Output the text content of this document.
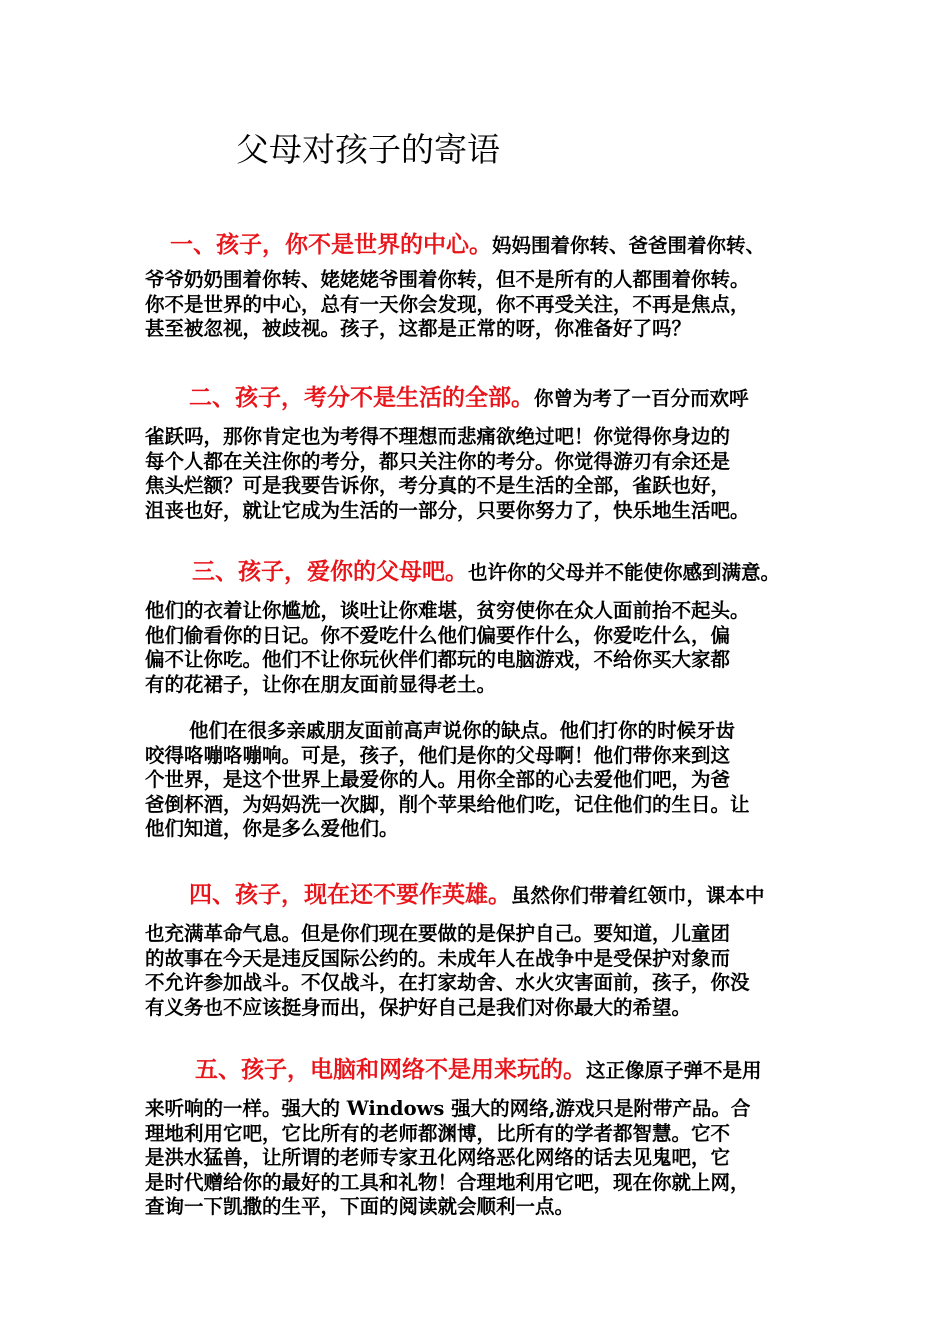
父母对孩子的寄语
一、孩子，你不是世界的中心。妈妈围着你转、爸爸围着你转、
爷爷奶奶围着你转、姥姥姥爷围着你转，但不是所有的人都围着你转。
你不是世界的中心，总有一天你会发现，你不再受关注，不再是焦点，
甚至被忽视，被歧视。孩子，这都是正常的呀，你准备好了吗？
二、孩子，考分不是生活的全部。你曾为考了一百分而欢呼
雀跃吗，那你肯定也为考得不理想而悲痛欲绝过吧！你觉得你身边的
每个人都在关注你的考分，都只关注你的考分。你觉得游刃有余还是
焦头烂额？可是我要告诉你，考分真的不是生活的全部，雀跃也好，
沮丧也好，就让它成为生活的一部分，只要你努力了，快乐地生活吧。
三、孩子，爱你的父母吧。也许你的父母并不能使你感到满意。
他们的衣着让你尴尬，谈吐让你难堪，贫穷使你在众人面前抬不起头。
他们偷看你的日记。你不爱吃什么他们偏要作什么，你爱吃什么，偏
偏不让你吃。他们不让你玩伙伴们都玩的电脑游戏，不给你买大家都
有的花裙子，让你在朋友面前显得老土。
他们在很多亲戚朋友面前高声说你的缺点。他们打你的时候牙齿
咬得咯嘣咯嘣响。可是，孩子，他们是你的父母啊！他们带你来到这
个世界，是这个世界上最爱你的人。用你全部的心去爱他们吧，为爸
爸倒杯酒，为妈妈洗一次脚，削个苹果给他们吃，记住他们的生日。让
他们知道，你是多么爱他们。
四、孩子，现在还不要作英雄。虽然你们带着红领巾，课本中
也充满革命气息。但是你们现在要做的是保护自己。要知道，儿童团
的故事在今天是违反国际公约的。未成年人在战争中是受保护对象而
不允许参加战斗。不仅战斗，在打家劫舍、水火灾害面前，孩子，你没
有义务也不应该挺身而出，保护好自己是我们对你最大的希望。
五、孩子，电脑和网络不是用来玩的。这正像原子弹不是用
来听响的一样。强大的 Windows 强大的网络,游戏只是附带产品。合
理地利用它吧，它比所有的老师都渊博，比所有的学者都智慧。它不
是洪水猛兽，让所谓的老师专家丑化网络恶化网络的话去见鬼吧，它
是时代赠给你的最好的工具和礼物！合理地利用它吧，现在你就上网，
查询一下凯撒的生平，下面的阅读就会顺利一点。
